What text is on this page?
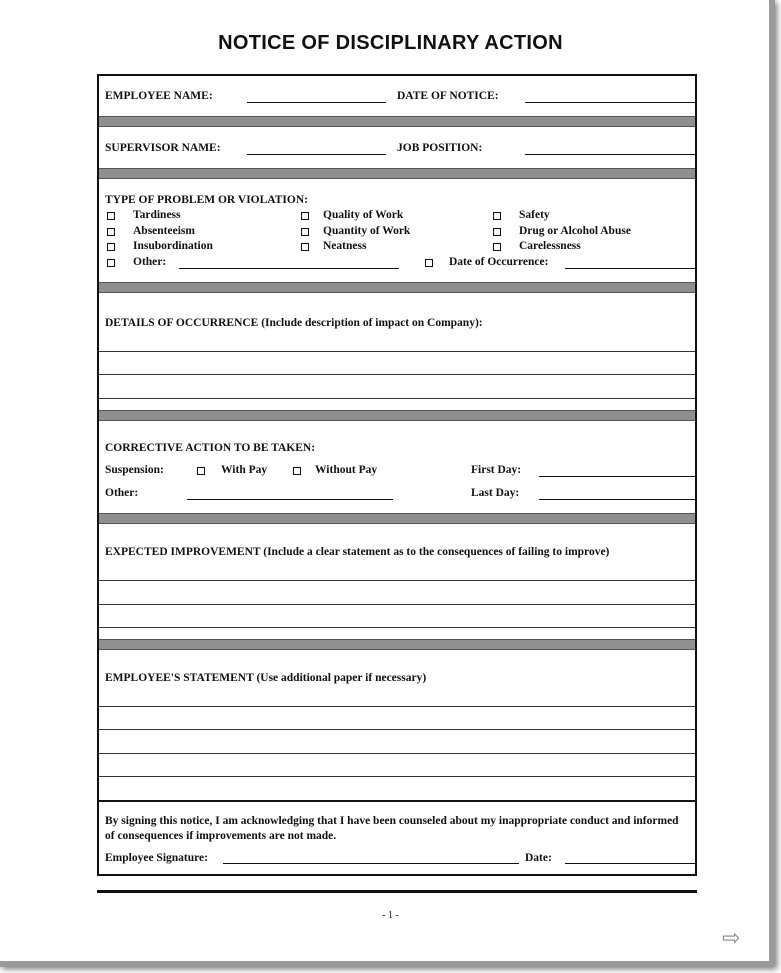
NOTICE OF DISCIPLINARY ACTION
EMPLOYEE NAME:	DATE OF NOTICE:
SUPERVISOR NAME:	JOB POSITION:
TYPE OF PROBLEM OR VIOLATION:
Tardiness	Quality of Work	Safety
Absenteeism	Quantity of Work	Drug or Alcohol Abuse
Insubordination	Neatness	Carelessness
Other:	Date of Occurrence:
DETAILS OF OCCURRENCE (Include description of impact on Company):
CORRECTIVE ACTION TO BE TAKEN:
Suspension:	With Pay	Without Pay	First Day:
Other:	Last Day:
EXPECTED IMPROVEMENT (Include a clear statement as to the consequences of failing to improve)
EMPLOYEE'S STATEMENT (Use additional paper if necessary)
By signing this notice, I am acknowledging that I have been counseled about my inappropriate conduct and informed of consequences if improvements are not made.
Employee Signature:	Date:
- 1 -
⇨
